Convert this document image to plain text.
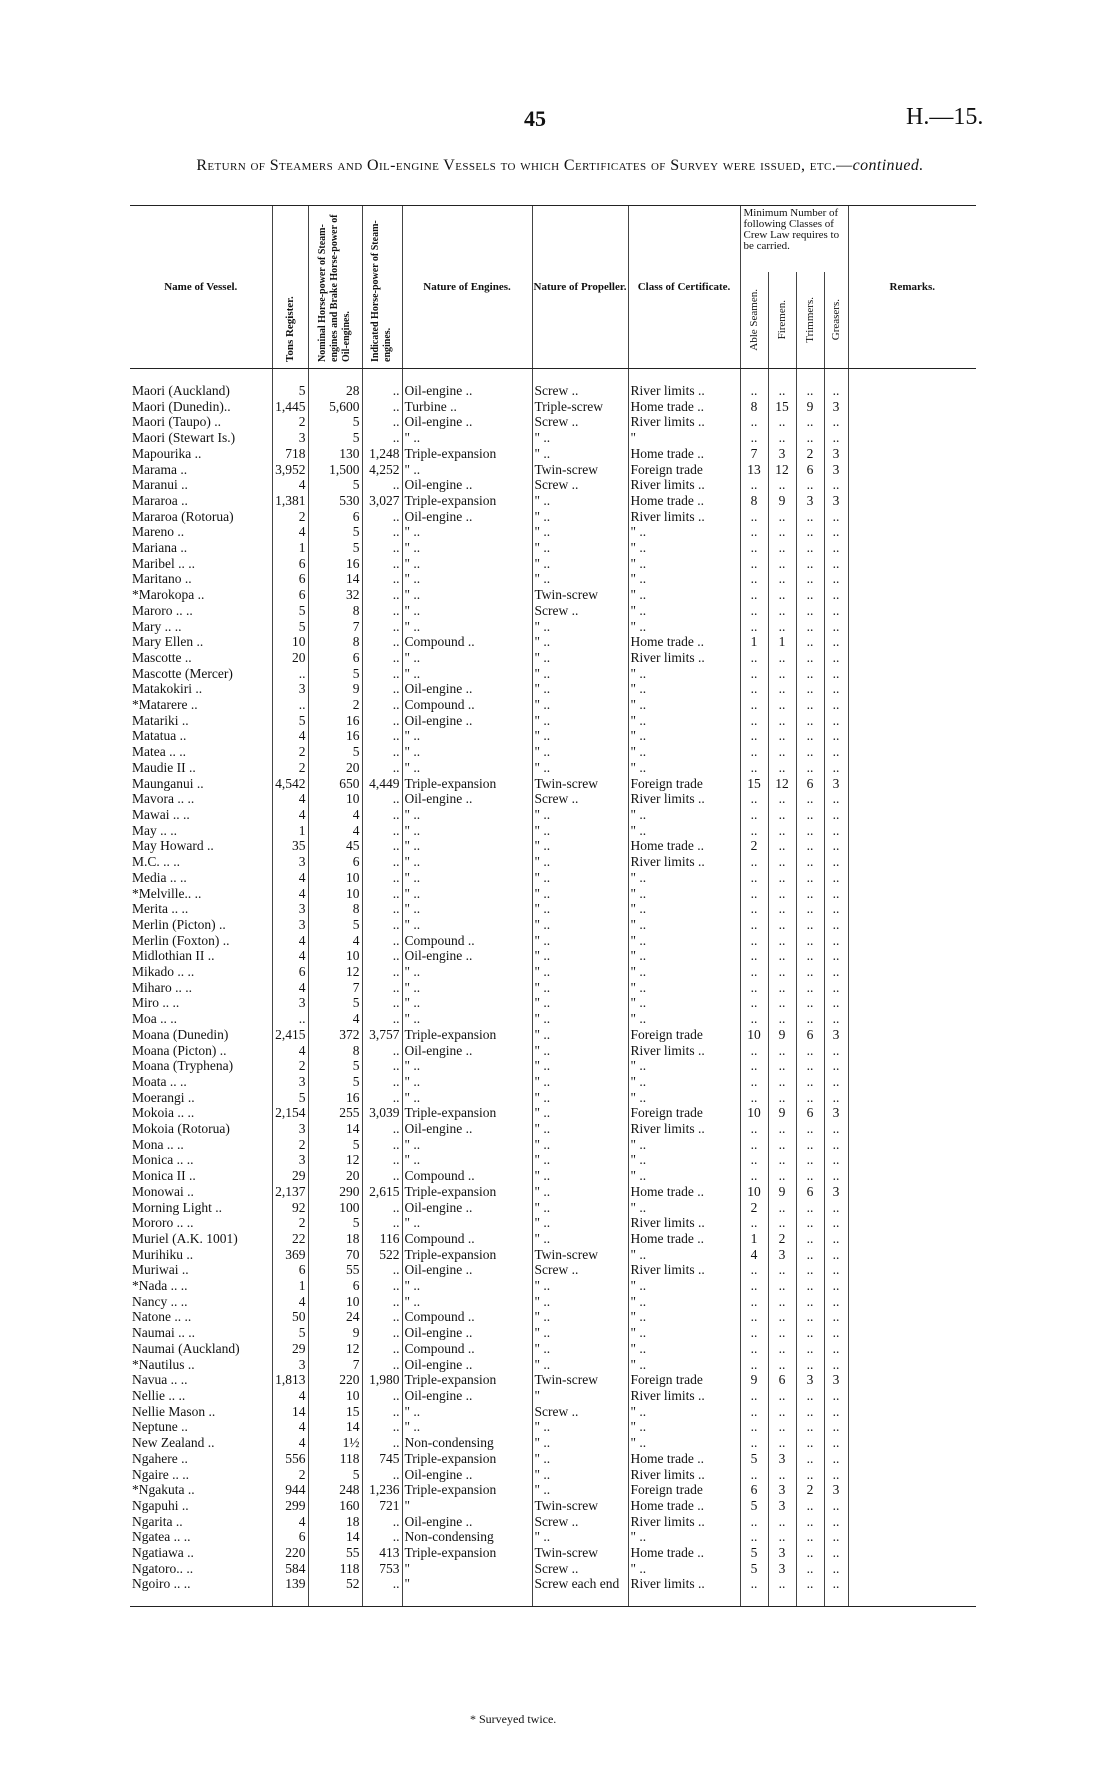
45	H.—15.
Return of Steamers and Oil-engine Vessels to which Certificates of Survey were issued, etc.—continued.
Name of Vessel.	Tons Register.	Nominal Horse-power of Steam-engines and Brake Horse-power of Oil-engines.	Indicated Horse-power of Steam-engines.	Nature of Engines.	Nature of Propeller.	Class of Certificate.	Minimum Number of following Classes of Crew Law requires to be carried.				Remarks.

							Able Seamen.	Firemen.	Trimmers.	Greasers.	

Maori (Auckland)	5	28	..	Oil-engine ..	Screw ..	River limits ..	..	..	..	..	
Maori (Dunedin)..	1,445	5,600	..	Turbine ..	Triple-screw	Home trade ..	8	15	9	3	
Maori (Taupo) ..	2	5	..	Oil-engine ..	Screw ..	River limits ..	..	..	..	..	
Maori (Stewart Is.)	3	5	..	" ..	" ..	"	..	..	..	..	
Mapourika ..	718	130	1,248	Triple-expansion	" ..	Home trade ..	7	3	2	3	
Marama ..	3,952	1,500	4,252	" ..	Twin-screw	Foreign trade	13	12	6	3	
Maranui ..	4	5	..	Oil-engine ..	Screw ..	River limits ..	..	..	..	..	
Mararoa ..	1,381	530	3,027	Triple-expansion	" ..	Home trade ..	8	9	3	3	
Mararoa (Rotorua)	2	6	..	Oil-engine ..	" ..	River limits ..	..	..	..	..	
Mareno ..	4	5	..	" ..	" ..	" ..	..	..	..	..	
Mariana ..	1	5	..	" ..	" ..	" ..	..	..	..	..	
Maribel .. ..	6	16	..	" ..	" ..	" ..	..	..	..	..	
Maritano ..	6	14	..	" ..	" ..	" ..	..	..	..	..	
*Marokopa ..	6	32	..	" ..	Twin-screw	" ..	..	..	..	..	
Maroro .. ..	5	8	..	" ..	Screw ..	" ..	..	..	..	..	
Mary .. ..	5	7	..	" ..	" ..	" ..	..	..	..	..	
Mary Ellen ..	10	8	..	Compound ..	" ..	Home trade ..	1	1	..	..	
Mascotte ..	20	6	..	" ..	" ..	River limits ..	..	..	..	..	
Mascotte (Mercer)	..	5	..	" ..	" ..	" ..	..	..	..	..	
Matakokiri ..	3	9	..	Oil-engine ..	" ..	" ..	..	..	..	..	
*Matarere ..	..	2	..	Compound ..	" ..	" ..	..	..	..	..	
Matariki ..	5	16	..	Oil-engine ..	" ..	" ..	..	..	..	..	
Matatua ..	4	16	..	" ..	" ..	" ..	..	..	..	..	
Matea .. ..	2	5	..	" ..	" ..	" ..	..	..	..	..	
Maudie II ..	2	20	..	" ..	" ..	" ..	..	..	..	..	
Maunganui ..	4,542	650	4,449	Triple-expansion	Twin-screw	Foreign trade	15	12	6	3	
Mavora .. ..	4	10	..	Oil-engine ..	Screw ..	River limits ..	..	..	..	..	
Mawai .. ..	4	4	..	" ..	" ..	" ..	..	..	..	..	
May .. ..	1	4	..	" ..	" ..	" ..	..	..	..	..	
May Howard ..	35	45	..	" ..	" ..	Home trade ..	2	..	..	..	
M.C. .. ..	3	6	..	" ..	" ..	River limits ..	..	..	..	..	
Media .. ..	4	10	..	" ..	" ..	" ..	..	..	..	..	
*Melville.. ..	4	10	..	" ..	" ..	" ..	..	..	..	..	
Merita .. ..	3	8	..	" ..	" ..	" ..	..	..	..	..	
Merlin (Picton) ..	3	5	..	" ..	" ..	" ..	..	..	..	..	
Merlin (Foxton) ..	4	4	..	Compound ..	" ..	" ..	..	..	..	..	
Midlothian II ..	4	10	..	Oil-engine ..	" ..	" ..	..	..	..	..	
Mikado .. ..	6	12	..	" ..	" ..	" ..	..	..	..	..	
Miharo .. ..	4	7	..	" ..	" ..	" ..	..	..	..	..	
Miro .. ..	3	5	..	" ..	" ..	" ..	..	..	..	..	
Moa .. ..	..	4	..	" ..	" ..	" ..	..	..	..	..	
Moana (Dunedin)	2,415	372	3,757	Triple-expansion	" ..	Foreign trade	10	9	6	3	
Moana (Picton) ..	4	8	..	Oil-engine ..	" ..	River limits ..	..	..	..	..	
Moana (Tryphena)	2	5	..	" ..	" ..	" ..	..	..	..	..	
Moata .. ..	3	5	..	" ..	" ..	" ..	..	..	..	..	
Moerangi ..	5	16	..	" ..	" ..	" ..	..	..	..	..	
Mokoia .. ..	2,154	255	3,039	Triple-expansion	" ..	Foreign trade	10	9	6	3	
Mokoia (Rotorua)	3	14	..	Oil-engine ..	" ..	River limits ..	..	..	..	..	
Mona .. ..	2	5	..	" ..	" ..	" ..	..	..	..	..	
Monica .. ..	3	12	..	" ..	" ..	" ..	..	..	..	..	
Monica II ..	29	20	..	Compound ..	" ..	" ..	..	..	..	..	
Monowai ..	2,137	290	2,615	Triple-expansion	" ..	Home trade ..	10	9	6	3	
Morning Light ..	92	100	..	Oil-engine ..	" ..	" ..	2	..	..	..	
Mororo .. ..	2	5	..	" ..	" ..	River limits ..	..	..	..	..	
Muriel (A.K. 1001)	22	18	116	Compound ..	" ..	Home trade ..	1	2	..	..	
Murihiku ..	369	70	522	Triple-expansion	Twin-screw	" ..	4	3	..	..	
Muriwai ..	6	55	..	Oil-engine ..	Screw ..	River limits ..	..	..	..	..	
*Nada .. ..	1	6	..	" ..	" ..	" ..	..	..	..	..	
Nancy .. ..	4	10	..	" ..	" ..	" ..	..	..	..	..	
Natone .. ..	50	24	..	Compound ..	" ..	" ..	..	..	..	..	
Naumai .. ..	5	9	..	Oil-engine ..	" ..	" ..	..	..	..	..	
Naumai (Auckland)	29	12	..	Compound ..	" ..	" ..	..	..	..	..	
*Nautilus ..	3	7	..	Oil-engine ..	" ..	" ..	..	..	..	..	
Navua .. ..	1,813	220	1,980	Triple-expansion	Twin-screw	Foreign trade	9	6	3	3	
Nellie .. ..	4	10	..	Oil-engine ..	"	River limits ..	..	..	..	..	
Nellie Mason ..	14	15	..	" ..	Screw ..	" ..	..	..	..	..	
Neptune ..	4	14	..	" ..	" ..	" ..	..	..	..	..	
New Zealand ..	4	1½	..	Non-condensing	" ..	" ..	..	..	..	..	
Ngahere ..	556	118	745	Triple-expansion	" ..	Home trade ..	5	3	..	..	
Ngaire .. ..	2	5	..	Oil-engine ..	" ..	River limits ..	..	..	..	..	
*Ngakuta ..	944	248	1,236	Triple-expansion	" ..	Foreign trade	6	3	2	3	
Ngapuhi ..	299	160	721	"	Twin-screw	Home trade ..	5	3	..	..	
Ngarita ..	4	18	..	Oil-engine ..	Screw ..	River limits ..	..	..	..	..	
Ngatea .. ..	6	14	..	Non-condensing	" ..	" ..	..	..	..	..	
Ngatiawa ..	220	55	413	Triple-expansion	Twin-screw	Home trade ..	5	3	..	..	
Ngatoro.. ..	584	118	753	"	Screw ..	" ..	5	3	..	..	
Ngoiro .. ..	139	52	..	"	Screw each end	River limits ..	..	..	..	..	
* Surveyed twice.
